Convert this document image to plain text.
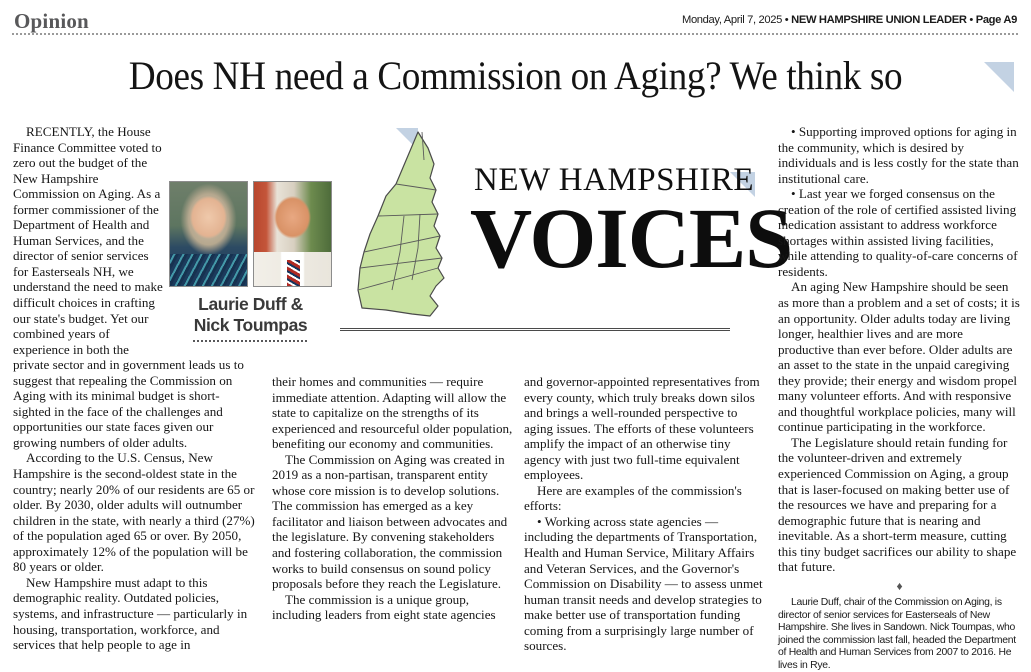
Opinion	Monday, April 7, 2025 • NEW HAMPSHIRE UNION LEADER • Page A9
Does NH need a Commission on Aging? We think so
NEW HAMPSHIRE
VOICES
Laurie Duff &
Nick Toumpas

RECENTLY, the House Finance Committee voted to zero out the budget of the New Hampshire Commission on Aging. As a former commissioner of the Department of Health and Human Services, and the director of senior services for Easterseals NH, we understand the need to make difficult choices in crafting our state's budget. Yet our combined years of experience in both the private sector and in government leads us to suggest that repealing the Commission on Aging with its minimal budget is short-sighted in the face of the challenges and opportunities our state faces given our growing numbers of older adults.

According to the U.S. Census, New Hampshire is the second-oldest state in the country; nearly 20% of our residents are 65 or older. By 2030, older adults will outnumber children in the state, with nearly a third (27%) of the population aged 65 or over. By 2050, approximately 12% of the population will be 80 years or older.

New Hampshire must adapt to this demographic reality. Outdated policies, systems, and infrastructure — particularly in housing, transportation, workforce, and services that help people to age in

their homes and communities — require immediate attention. Adapting will allow the state to capitalize on the strengths of its experienced and resourceful older population, benefiting our economy and communities.

The Commission on Aging was created in 2019 as a non-partisan, transparent entity whose core mission is to develop solutions. The commission has emerged as a key facilitator and liaison between advocates and the legislature. By convening stakeholders and fostering collaboration, the commission works to build consensus on sound policy proposals before they reach the Legislature.

The commission is a unique group, including leaders from eight state agencies

and governor-appointed representatives from every county, which truly breaks down silos and brings a well-rounded perspective to aging issues. The efforts of these volunteers amplify the impact of an otherwise tiny agency with just two full-time equivalent employees.

Here are examples of the commission's efforts:

• Working across state agencies — including the departments of Transportation, Health and Human Service, Military Affairs and Veteran Services, and the Governor's Commission on Disability — to assess unmet human transit needs and develop strategies to make better use of transportation funding coming from a surprisingly large number of sources.

• Supporting improved options for aging in the community, which is desired by individuals and is less costly for the state than institutional care.

• Last year we forged consensus on the creation of the role of certified assisted living medication assistant to address workforce shortages within assisted living facilities, while attending to quality-of-care concerns of residents.

An aging New Hampshire should be seen as more than a problem and a set of costs; it is an opportunity. Older adults today are living longer, healthier lives and are more productive than ever before. Older adults are an asset to the state in the unpaid caregiving they provide; their energy and wisdom propel many volunteer efforts. And with responsive and thoughtful workplace policies, many will continue participating in the workforce.

The Legislature should retain funding for the volunteer-driven and extremely experienced Commission on Aging, a group that is laser-focused on making better use of the resources we have and preparing for a demographic future that is nearing and inevitable. As a short-term measure, cutting this tiny budget sacrifices our ability to shape that future.

♦

Laurie Duff, chair of the Commission on Aging, is director of senior services for Easterseals of New Hampshire. She lives in Sandown. Nick Toumpas, who joined the commission last fall, headed the Department of Health and Human Services from 2007 to 2016. He lives in Rye.
